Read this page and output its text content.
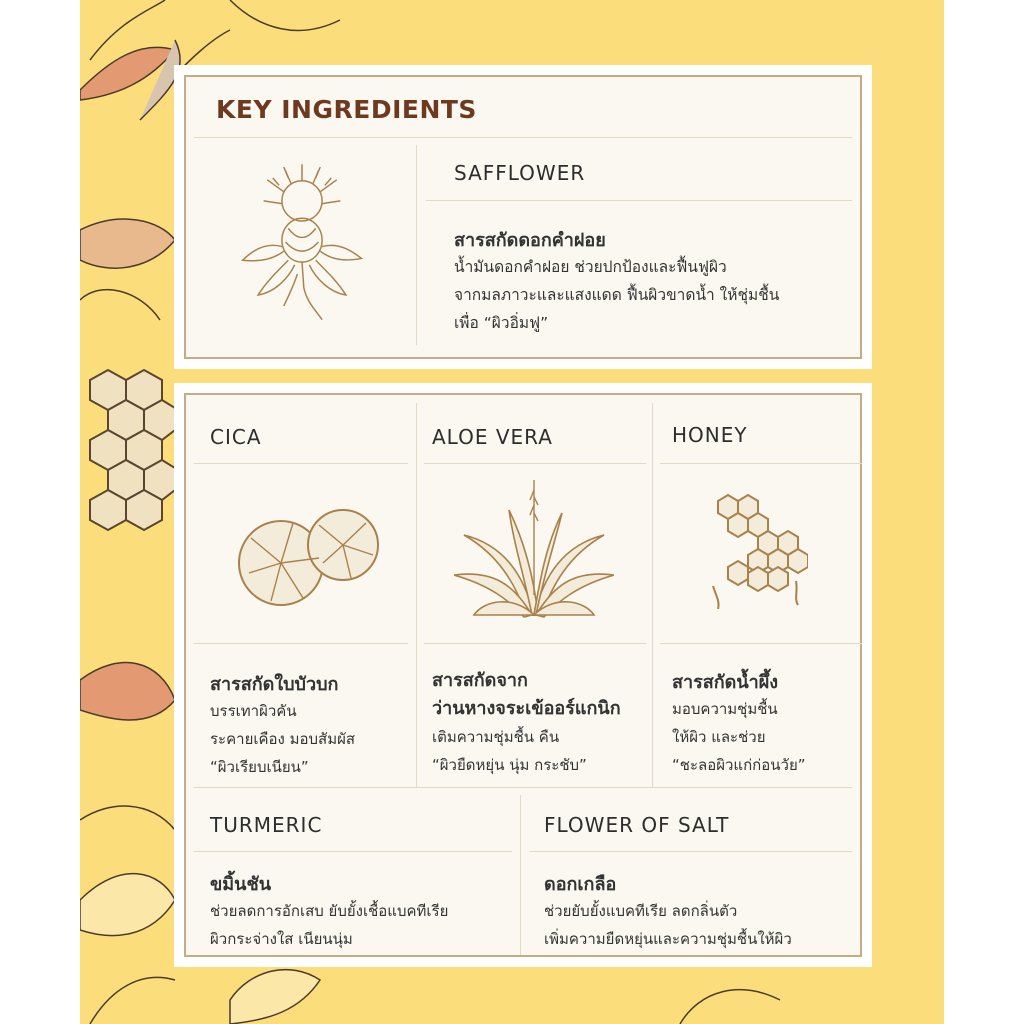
KEY INGREDIENTS
SAFFLOWER
สารสกัดดอกคำฝอย
น้ำมันดอกคำฝอย ช่วยปกป้องและฟื้นฟูผิว
จากมลภาวะและแสงแดด ฟื้นผิวขาดน้ำ ให้ชุ่มชื้น
เพื่อ “ผิวอิ่มฟู”
CICA
สารสกัดใบบัวบก
บรรเทาผิวคัน
ระคายเคือง มอบสัมผัส
“ผิวเรียบเนียน”
ALOE VERA
สารสกัดจาก
ว่านหางจระเข้ออร์แกนิก
เติมความชุ่มชื้น คืน
“ผิวยืดหยุ่น นุ่ม กระชับ”
HONEY
สารสกัดน้ำผึ้ง
มอบความชุ่มชื้น
ให้ผิว และช่วย
“ชะลอผิวแก่ก่อนวัย”
TURMERIC
ขมิ้นชัน
ช่วยลดการอักเสบ ยับยั้งเชื้อแบคทีเรีย
ผิวกระจ่างใส เนียนนุ่ม
FLOWER OF SALT
ดอกเกลือ
ช่วยยับยั้งแบคทีเรีย ลดกลิ่นตัว
เพิ่มความยืดหยุ่นและความชุ่มชื้นให้ผิว
